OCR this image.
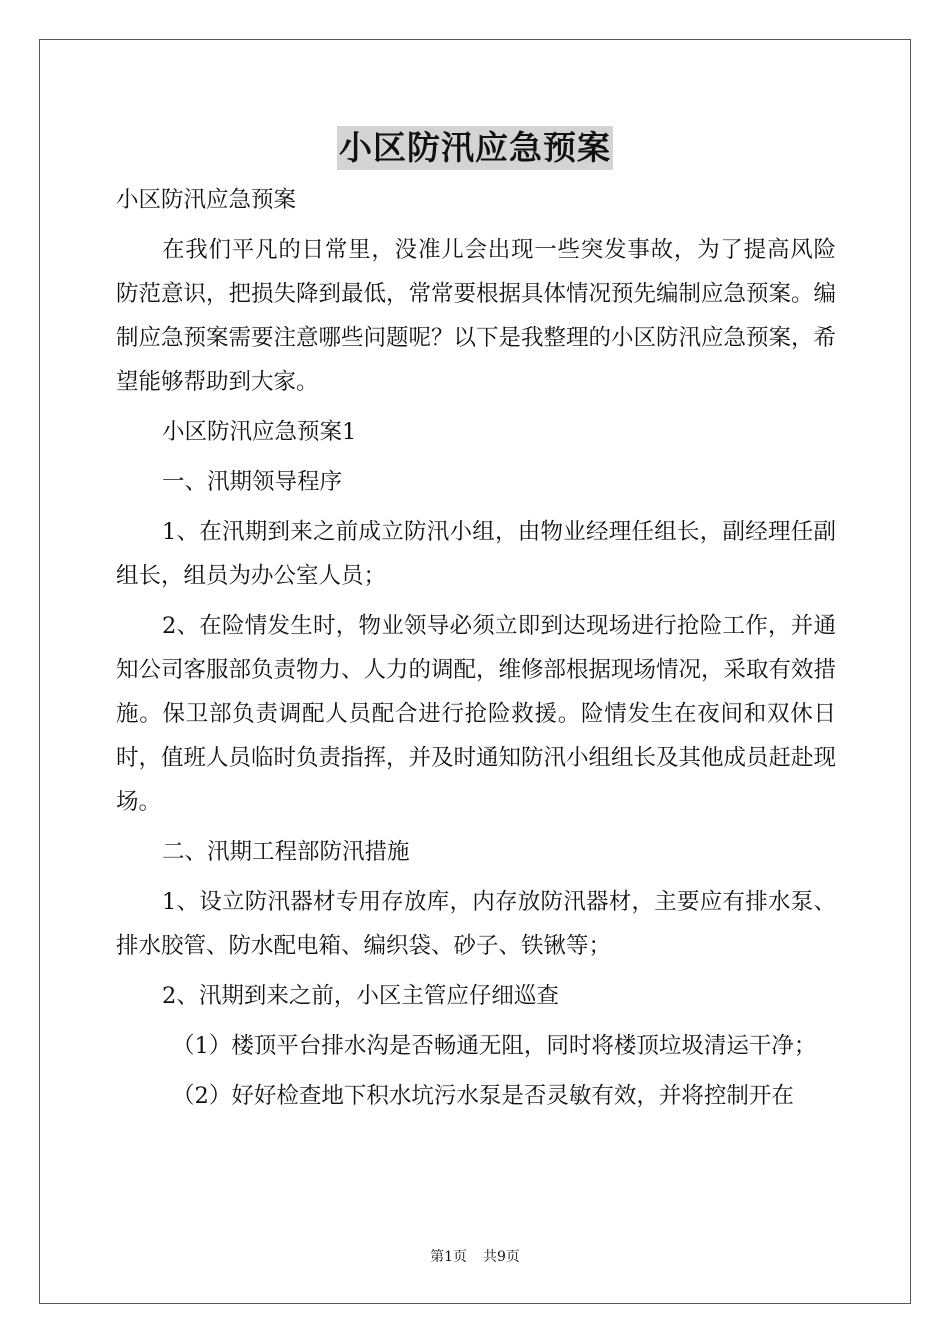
小区防汛应急预案

小区防汛应急预案

在我们平凡的日常里，没准儿会出现一些突发事故，为了提高风险防范意识，把损失降到最低，常常要根据具体情况预先编制应急预案。编制应急预案需要注意哪些问题呢？以下是我整理的小区防汛应急预案，希望能够帮助到大家。

小区防汛应急预案1

一、汛期领导程序

1、在汛期到来之前成立防汛小组，由物业经理任组长，副经理任副组长，组员为办公室人员；

2、在险情发生时，物业领导必须立即到达现场进行抢险工作，并通知公司客服部负责物力、人力的调配，维修部根据现场情况，采取有效措施。保卫部负责调配人员配合进行抢险救援。险情发生在夜间和双休日时，值班人员临时负责指挥，并及时通知防汛小组组长及其他成员赶赴现场。

二、汛期工程部防汛措施

1、设立防汛器材专用存放库，内存放防汛器材，主要应有排水泵、排水胶管、防水配电箱、编织袋、砂子、铁锹等；

2、汛期到来之前，小区主管应仔细巡查

（1）楼顶平台排水沟是否畅通无阻，同时将楼顶垃圾清运干净；

（2）好好检查地下积水坑污水泵是否灵敏有效，并将控制开在

第1页 共9页
